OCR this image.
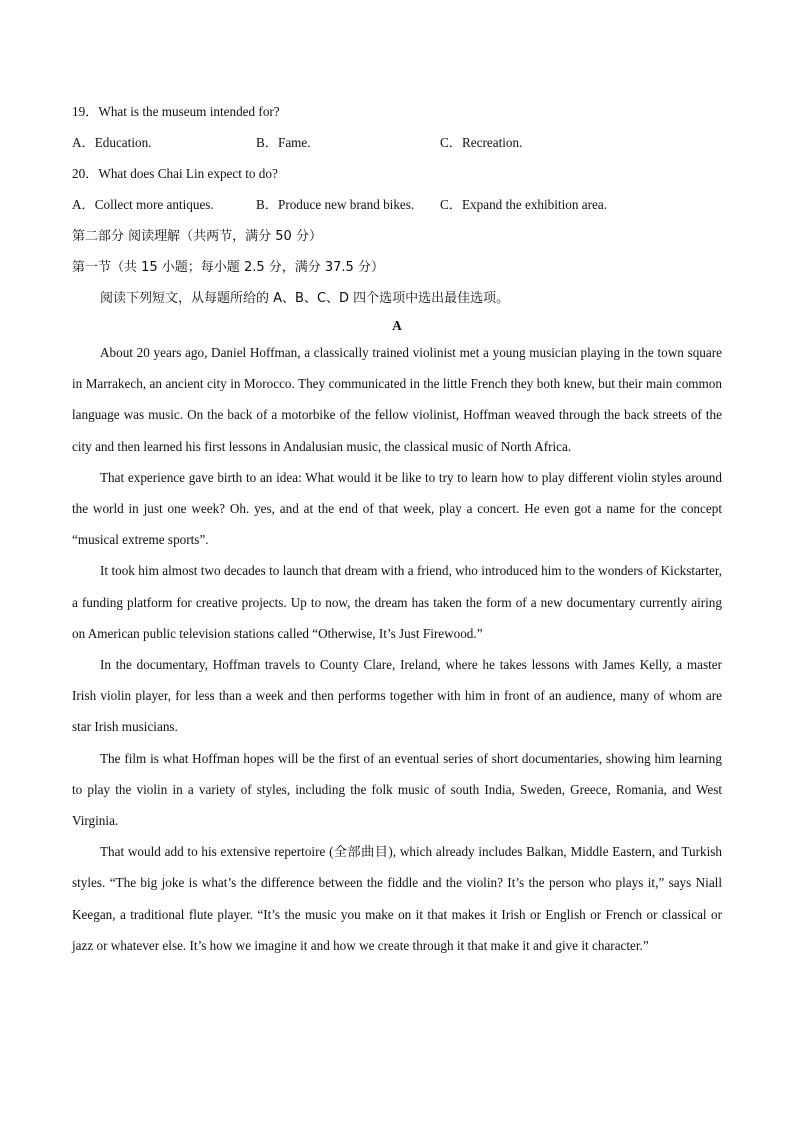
19．What is the museum intended for?
A．Education.	B．Fame.	C．Recreation.
20．What does Chai Lin expect to do?
A．Collect more antiques.	B．Produce new brand bikes. C．Expand the exhibition area.
第二部分 阅读理解（共两节，满分 50 分）
第一节（共 15 小题；每小题 2.5 分，满分 37.5 分）
阅读下列短文，从每题所给的 A、B、C、D 四个选项中选出最佳选项。
A

About 20 years ago, Daniel Hoffman, a classically trained violinist met a young musician playing in the town square in Marrakech, an ancient city in Morocco. They communicated in the little French they both knew, but their main common language was music. On the back of a motorbike of the fellow violinist, Hoffman weaved through the back streets of the city and then learned his first lessons in Andalusian music, the classical music of North Africa.

That experience gave birth to an idea: What would it be like to try to learn how to play different violin styles around the world in just one week? Oh. yes, and at the end of that week, play a concert. He even got a name for the concept “musical extreme sports”.

It took him almost two decades to launch that dream with a friend, who introduced him to the wonders of Kickstarter, a funding platform for creative projects. Up to now, the dream has taken the form of a new documentary currently airing on American public television stations called “Otherwise, It’s Just Firewood.”

In the documentary, Hoffman travels to County Clare, Ireland, where he takes lessons with James Kelly, a master Irish violin player, for less than a week and then performs together with him in front of an audience, many of whom are star Irish musicians.

The film is what Hoffman hopes will be the first of an eventual series of short documentaries, showing him learning to play the violin in a variety of styles, including the folk music of south India, Sweden, Greece, Romania, and West Virginia.

That would add to his extensive repertoire (全部曲目), which already includes Balkan, Middle Eastern, and Turkish styles. “The big joke is what’s the difference between the fiddle and the violin? It’s the person who plays it,” says Niall Keegan, a traditional flute player. “It’s the music you make on it that makes it Irish or English or French or classical or jazz or whatever else. It’s how we imagine it and how we create through it that make it and give it character.”
